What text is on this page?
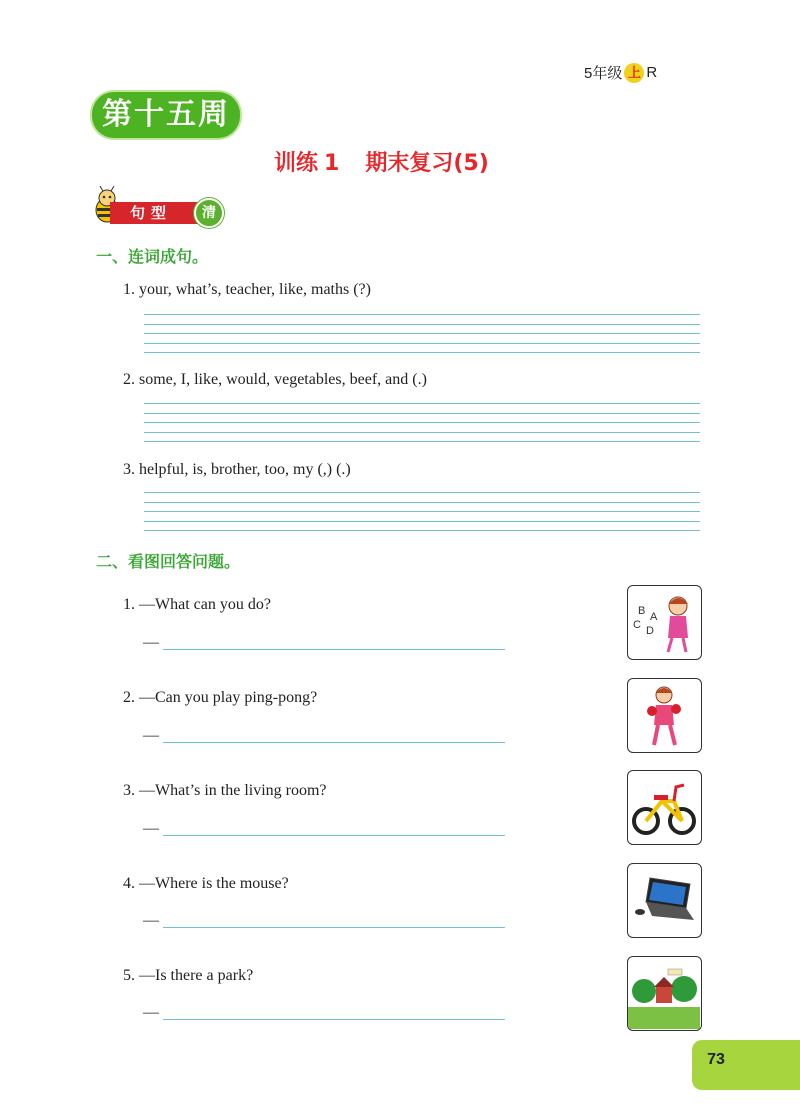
5年级 上 R
第十五周
训练 1 期末复习(5)
句型	清
一、连词成句。
1. your, what’s, teacher, like, maths (?)
2. some, I, like, would, vegetables, beef, and (.)
3. helpful, is, brother, too, my (,) (.)
二、看图回答问题。
1. —What can you do?
—
B A
C D
2. —Can you play ping-pong?
—
3. —What’s in the living room?
—
4. —Where is the mouse?
—
5. —Is there a park?
—
73
